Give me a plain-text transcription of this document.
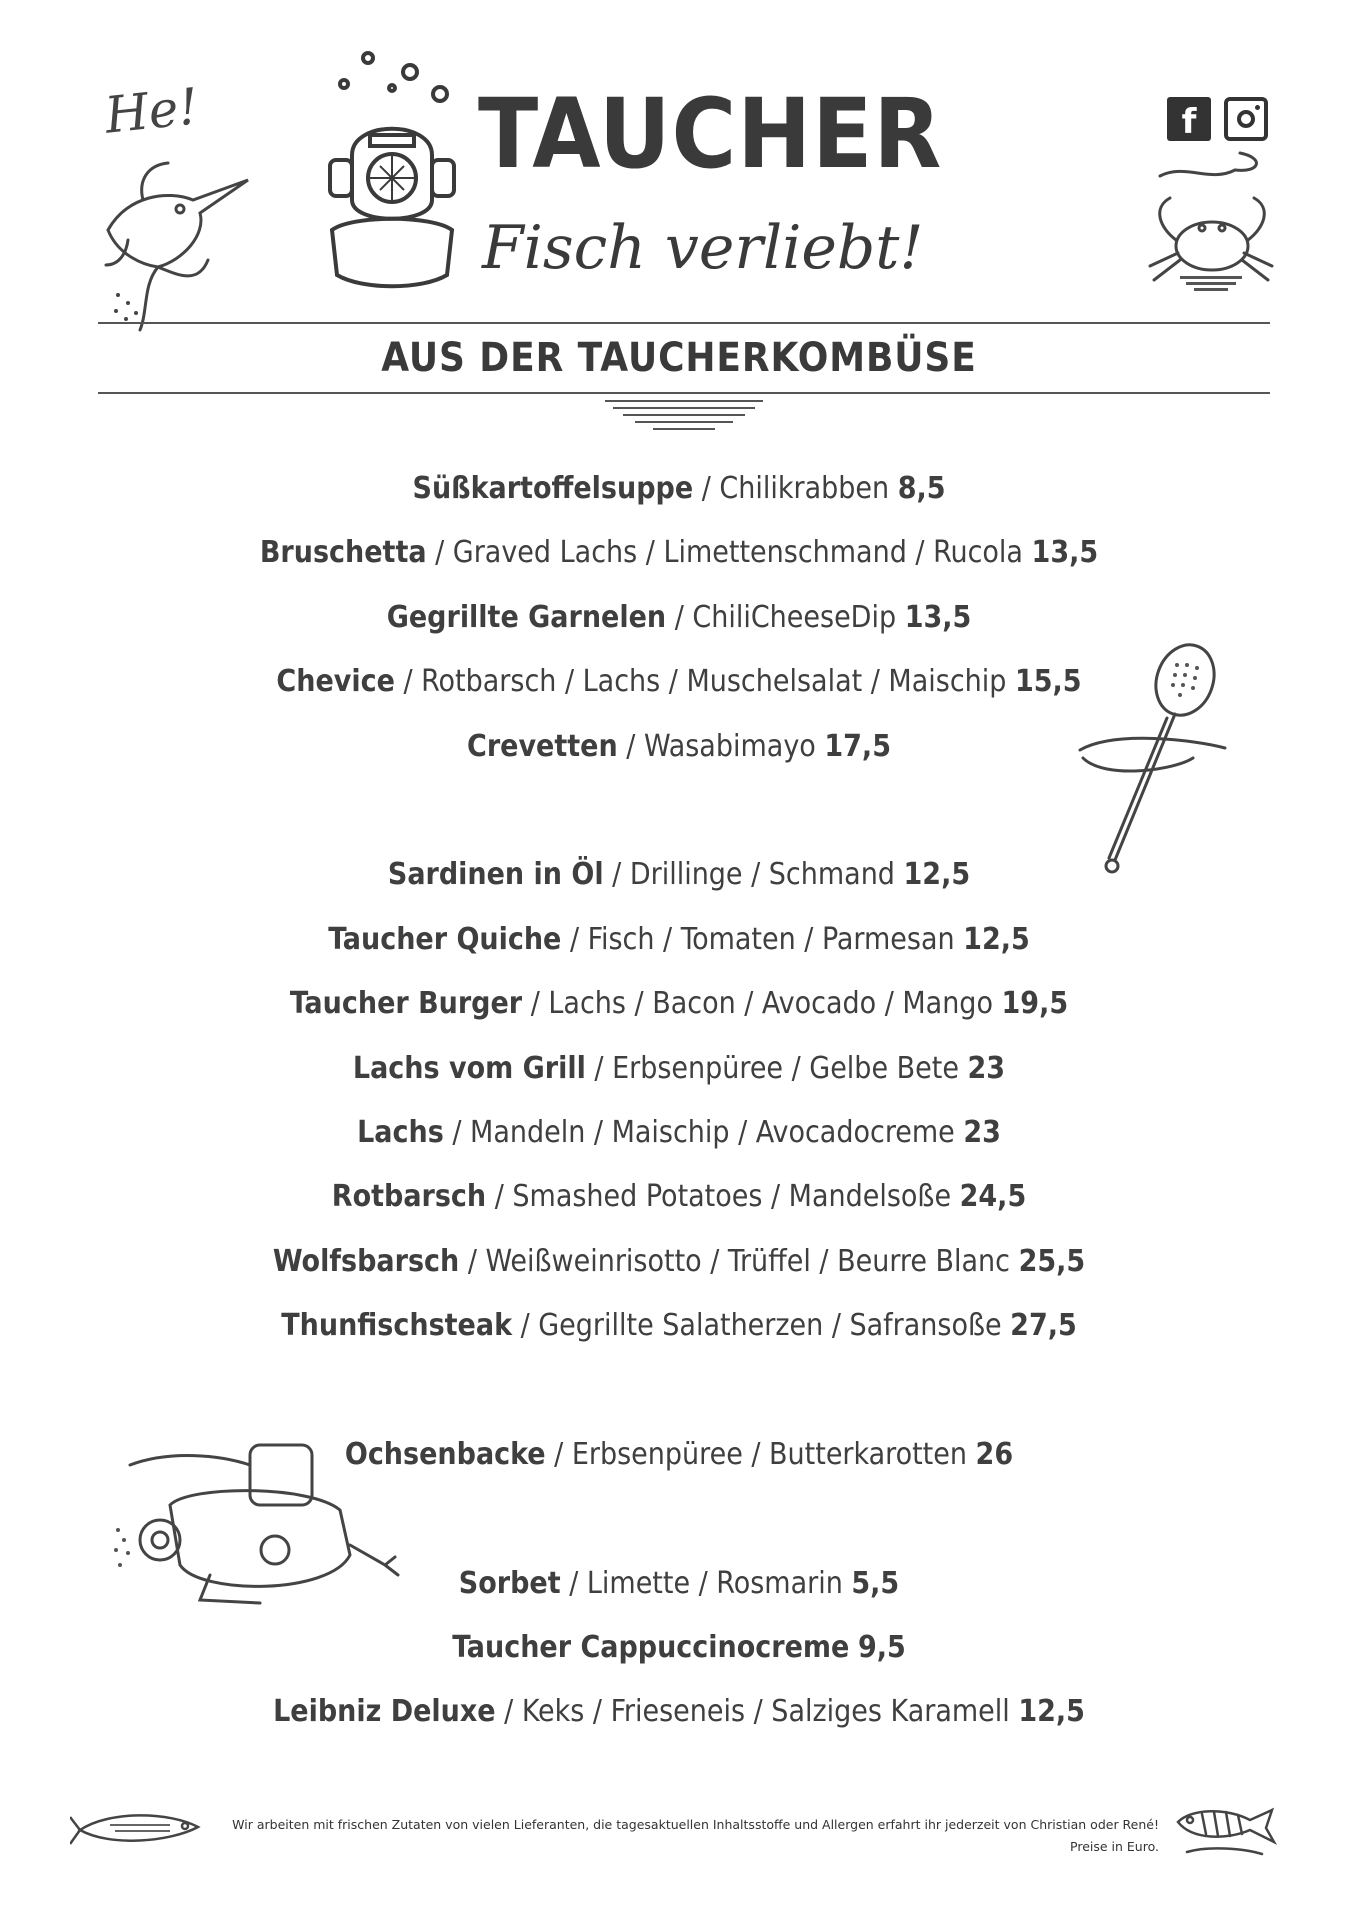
He!	TAUCHER
Fisch verliebt!
f
AUS DER TAUCHERKOMBÜSE
Süßkartoffelsuppe / Chilikrabben 8,5
Bruschetta / Graved Lachs / Limettenschmand / Rucola 13,5
Gegrillte Garnelen / ChiliCheeseDip 13,5
Chevice / Rotbarsch / Lachs / Muschelsalat / Maischip 15,5
Crevetten / Wasabimayo 17,5
Sardinen in Öl / Drillinge / Schmand 12,5
Taucher Quiche / Fisch / Tomaten / Parmesan 12,5
Taucher Burger / Lachs / Bacon / Avocado / Mango 19,5
Lachs vom Grill / Erbsenpüree / Gelbe Bete 23
Lachs / Mandeln / Maischip / Avocadocreme 23
Rotbarsch / Smashed Potatoes / Mandelsoße 24,5
Wolfsbarsch / Weißweinrisotto / Trüffel / Beurre Blanc 25,5
Thunfischsteak / Gegrillte Salatherzen / Safransoße 27,5
Ochsenbacke / Erbsenpüree / Butterkarotten 26
Sorbet / Limette / Rosmarin 5,5
Taucher Cappuccinocreme 9,5
Leibniz Deluxe / Keks / Frieseneis / Salziges Karamell 12,5
Wir arbeiten mit frischen Zutaten von vielen Lieferanten, die tagesaktuellen Inhaltsstoffe und Allergen erfahrt ihr jederzeit von Christian oder René!
Preise in Euro.
